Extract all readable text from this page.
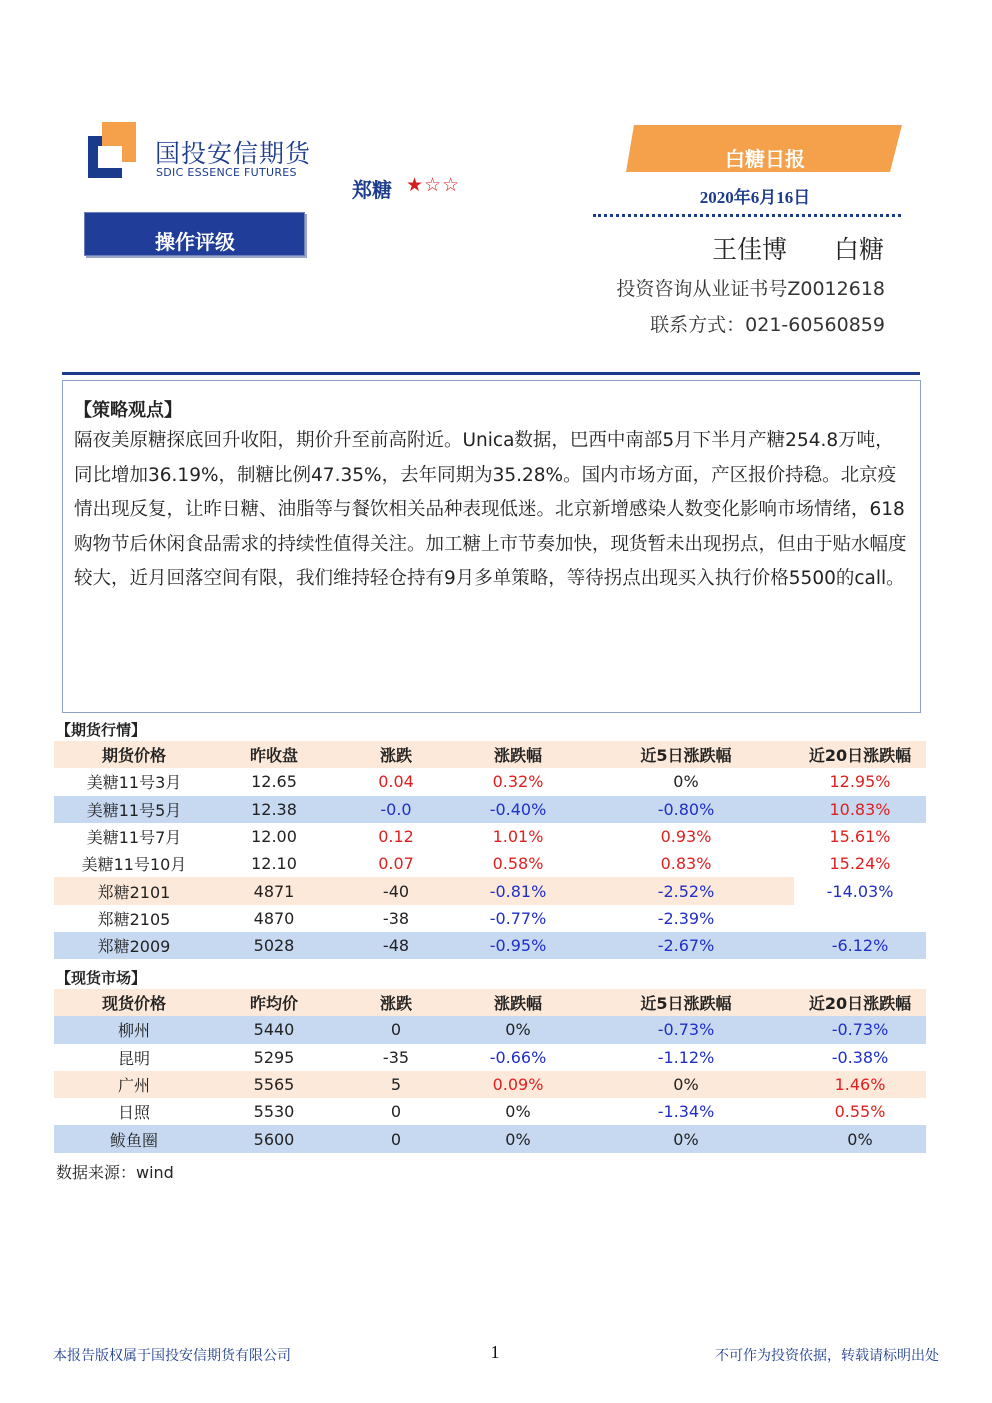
国投安信期货
SDIC ESSENCE FUTURES
郑糖 ★☆☆
操作评级
白糖日报
2020年6月16日
王佳博 白糖
投资咨询从业证书号Z0012618
联系方式：021-60560859
【策略观点】
隔夜美原糖探底回升收阳，期价升至前高附近。Unica数据，巴西中南部5月下半月产糖254.8万吨，同比增加36.19%，制糖比例47.35%，去年同期为35.28%。国内市场方面，产区报价持稳。北京疫情出现反复，让昨日糖、油脂等与餐饮相关品种表现低迷。北京新增感染人数变化影响市场情绪，618购物节后休闲食品需求的持续性值得关注。加工糖上市节奏加快，现货暂未出现拐点，但由于贴水幅度较大，近月回落空间有限，我们维持轻仓持有9月多单策略，等待拐点出现买入执行价格5500的call。
【期货行情】
期货价格	昨收盘	涨跌	涨跌幅	近5日涨跌幅	近20日涨跌幅
美糖11号3月	12.65	0.04	0.32%	0%	12.95%
美糖11号5月	12.38	-0.0	-0.40%	-0.80%	10.83%
美糖11号7月	12.00	0.12	1.01%	0.93%	15.61%
美糖11号10月	12.10	0.07	0.58%	0.83%	15.24%
郑糖2101	4871	-40	-0.81%	-2.52%	-14.03%
郑糖2105	4870	-38	-0.77%	-2.39%	
郑糖2009	5028	-48	-0.95%	-2.67%	-6.12%
【现货市场】
现货价格	昨均价	涨跌	涨跌幅	近5日涨跌幅	近20日涨跌幅
柳州	5440	0	0%	-0.73%	-0.73%
昆明	5295	-35	-0.66%	-1.12%	-0.38%
广州	5565	5	0.09%	0%	1.46%
日照	5530	0	0%	-1.34%	0.55%
鲅鱼圈	5600	0	0%	0%	0%
数据来源：wind
本报告版权属于国投安信期货有限公司	1	不可作为投资依据，转载请标明出处
